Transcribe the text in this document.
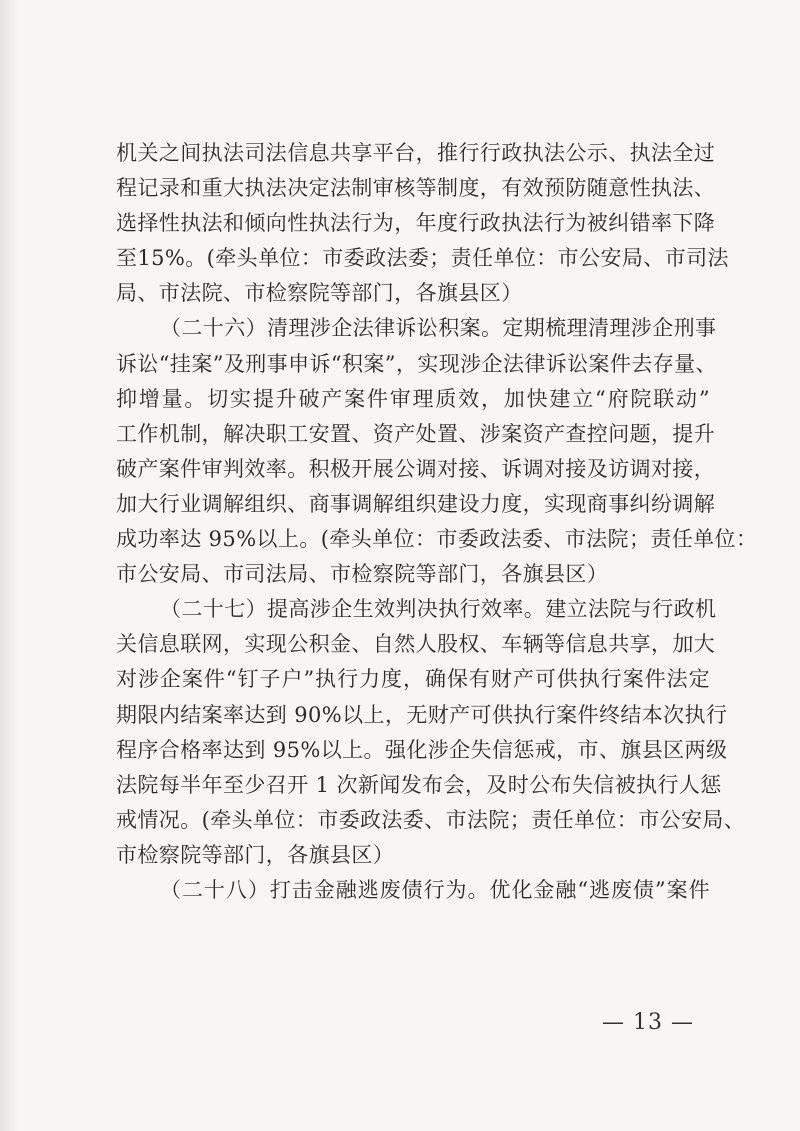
机关之间执法司法信息共享平台，推行行政执法公示、执法全过
程记录和重大执法决定法制审核等制度，有效预防随意性执法、
选择性执法和倾向性执法行为，年度行政执法行为被纠错率下降
至15%。(牵头单位：市委政法委；责任单位：市公安局、市司法
局、市法院、市检察院等部门，各旗县区）
（二十六）清理涉企法律诉讼积案。定期梳理清理涉企刑事
诉讼“挂案”及刑事申诉“积案”，实现涉企法律诉讼案件去存量、
抑增量。切实提升破产案件审理质效，加快建立“府院联动”
工作机制，解决职工安置、资产处置、涉案资产查控问题，提升
破产案件审判效率。积极开展公调对接、诉调对接及访调对接，
加大行业调解组织、商事调解组织建设力度，实现商事纠纷调解
成功率达 95%以上。(牵头单位：市委政法委、市法院；责任单位：
市公安局、市司法局、市检察院等部门，各旗县区）
（二十七）提高涉企生效判决执行效率。建立法院与行政机
关信息联网，实现公积金、自然人股权、车辆等信息共享，加大
对涉企案件“钉子户”执行力度，确保有财产可供执行案件法定
期限内结案率达到 90%以上，无财产可供执行案件终结本次执行
程序合格率达到 95%以上。强化涉企失信惩戒，市、旗县区两级
法院每半年至少召开 1 次新闻发布会，及时公布失信被执行人惩
戒情况。(牵头单位：市委政法委、市法院；责任单位：市公安局、
市检察院等部门，各旗县区）
（二十八）打击金融逃废债行为。优化金融“逃废债”案件
— 13 —
